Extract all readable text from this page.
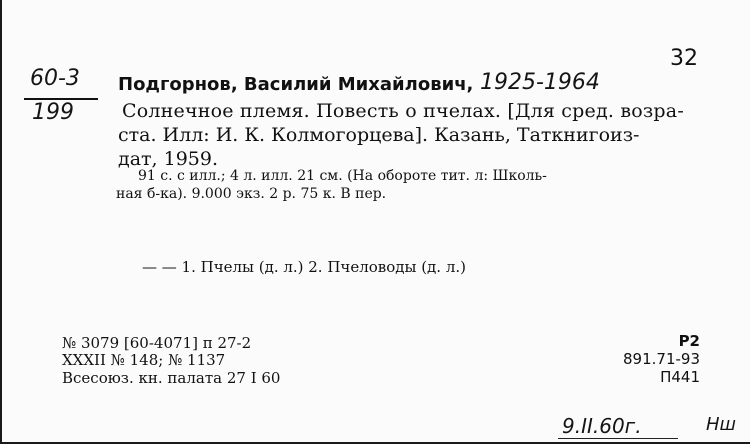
32
60-3
199
Подгорнов, Василий Михайлович, 1925-1964
Солнечное племя. Повесть о пчелах. [Для сред. возра-
ста. Илл: И. К. Колмогорцева]. Казань, Таткнигоиз-
дат, 1959.
91 с. с илл.; 4 л. илл. 21 см. (На обороте тит. л: Школь-
ная б-ка). 9.000 экз. 2 р. 75 к. В пер.
— — 1. Пчелы (д. л.) 2. Пчеловоды (д. л.)
№ 3079 [60-4071] п 27-2
XXXII № 148; № 1137
Всесоюз. кн. палата 27 I 60
Р2
891.71-93
П441
9.II.60г.	Нш
